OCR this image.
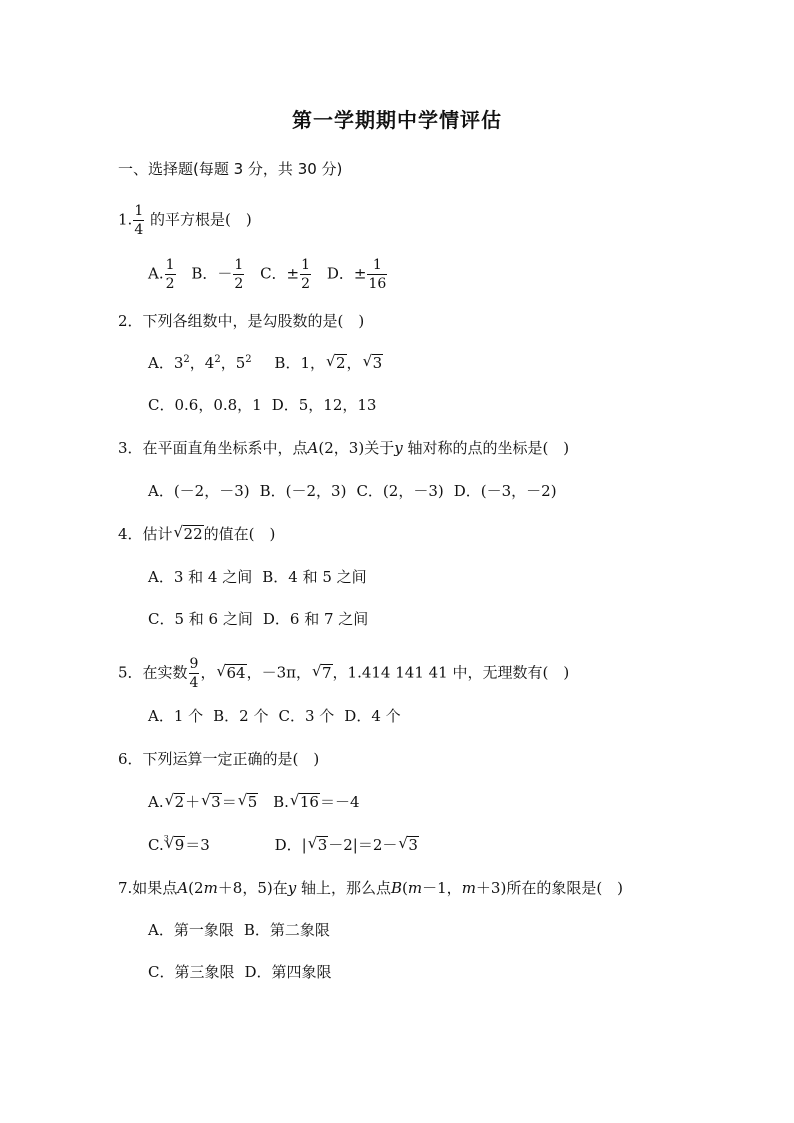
第一学期期中学情评估
一、选择题(每题 3 分，共 30 分)
1. $\frac{1}{4}$ 的平方根是(　)
A. $\frac{1}{2}$ B．－ $\frac{1}{2}$ C．± $\frac{1}{2}$ D．± $\frac{1}{16}$
2．下列各组数中，是勾股数的是(　)
A．$3^2$，$4^2$，$5^2$ B．1， √ 2， √ 3
C．0.6，0.8，1 D．5，12，13
3．在平面直角坐标系中，点A(2，3)关于y 轴对称的点的坐标是(　)
A．(－2，－3) B．(－2，3) C．(2，－3) D．(－3，－2)
4．估计 √ 22的值在(　)
A．3 和 4 之间 B．4 和 5 之间
C．5 和 6 之间 D．6 和 7 之间
5．在实数 $\frac{9}{4}$ ， √ 64，－3π， √ 7，1.414 141 41 中，无理数有(　)
A．1 个 B．2 个 C．3 个 D．4 个
6．下列运算一定正确的是(　)
A. √ 2＋ √ 3＝ √ 5 B. √ 16＝－4
C. √ 3 9＝3	D．| √ 3－2|＝2－ √ 3
7.如果点A(2m＋8，5)在y 轴上，那么点B(m－1，m＋3)所在的象限是(　)
A．第一象限 B．第二象限
C．第三象限 D．第四象限
